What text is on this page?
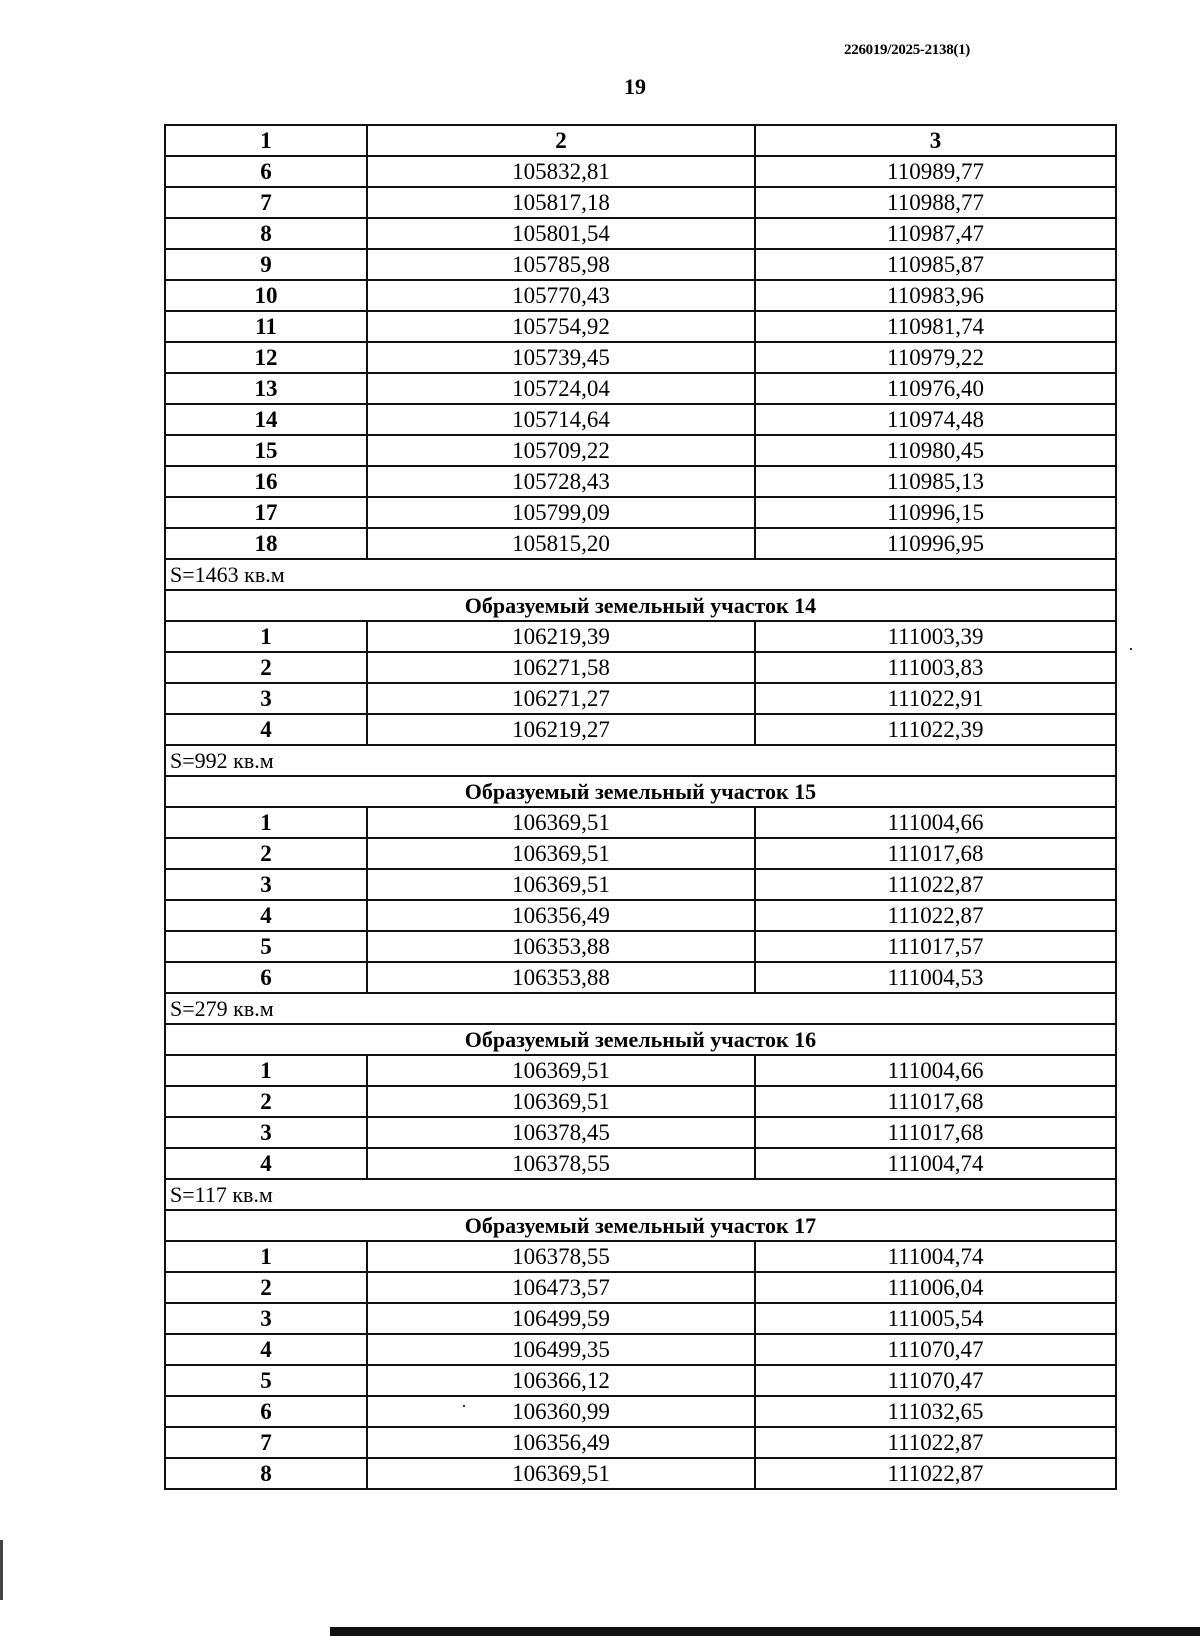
226019/2025-2138(1)
19
1	2	3
6	105832,81	110989,77
7	105817,18	110988,77
8	105801,54	110987,47
9	105785,98	110985,87
10	105770,43	110983,96
11	105754,92	110981,74
12	105739,45	110979,22
13	105724,04	110976,40
14	105714,64	110974,48
15	105709,22	110980,45
16	105728,43	110985,13
17	105799,09	110996,15
18	105815,20	110996,95
S=1463 кв.м		
Образуемый земельный участок 14		
1	106219,39	111003,39
2	106271,58	111003,83
3	106271,27	111022,91
4	106219,27	111022,39
S=992 кв.м		
Образуемый земельный участок 15		
1	106369,51	111004,66
2	106369,51	111017,68
3	106369,51	111022,87
4	106356,49	111022,87
5	106353,88	111017,57
6	106353,88	111004,53
S=279 кв.м		
Образуемый земельный участок 16		
1	106369,51	111004,66
2	106369,51	111017,68
3	106378,45	111017,68
4	106378,55	111004,74
S=117 кв.м		
Образуемый земельный участок 17		
1	106378,55	111004,74
2	106473,57	111006,04
3	106499,59	111005,54
4	106499,35	111070,47
5	106366,12	111070,47
6	106360,99	111032,65
7	106356,49	111022,87
8	106369,51	111022,87
